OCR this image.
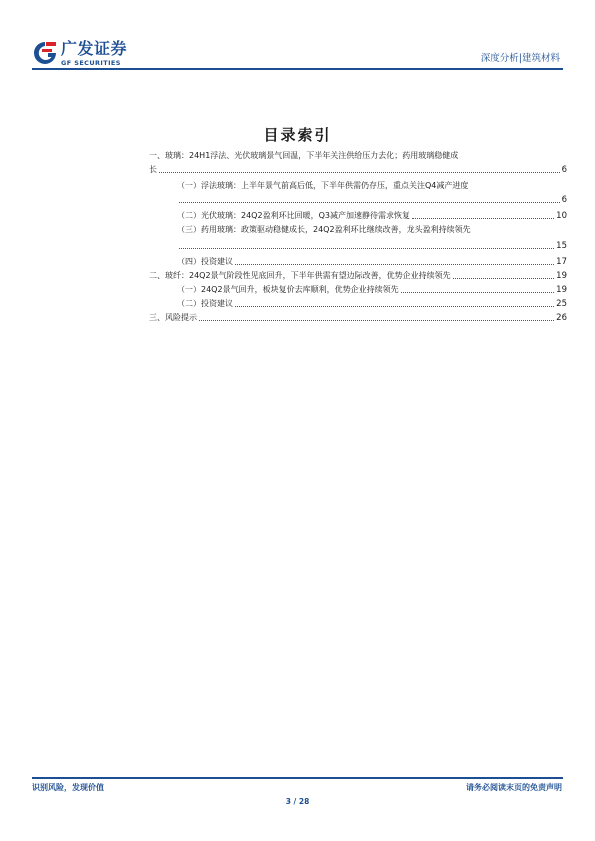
广发证券
GF SECURITIES	深度分析|建筑材料
目录索引
一、玻璃：24H1浮法、光伏玻璃景气回温，下半年关注供给压力去化；药用玻璃稳健成
长	6
（一）浮法玻璃：上半年景气前高后低，下半年供需仍存压，重点关注Q4减产进度
6
（二）光伏玻璃：24Q2盈利环比回暖，Q3减产加速静待需求恢复	10
（三）药用玻璃：政策驱动稳健成长，24Q2盈利环比继续改善，龙头盈利持续领先
15
（四）投资建议	17
二、玻纤：24Q2景气阶段性见底回升，下半年供需有望边际改善，优势企业持续领先	19
（一）24Q2景气回升，板块复价去库顺利，优势企业持续领先	19
（二）投资建议	25
三、风险提示	26
识别风险，发现价值	请务必阅读末页的免责声明
3 / 28
